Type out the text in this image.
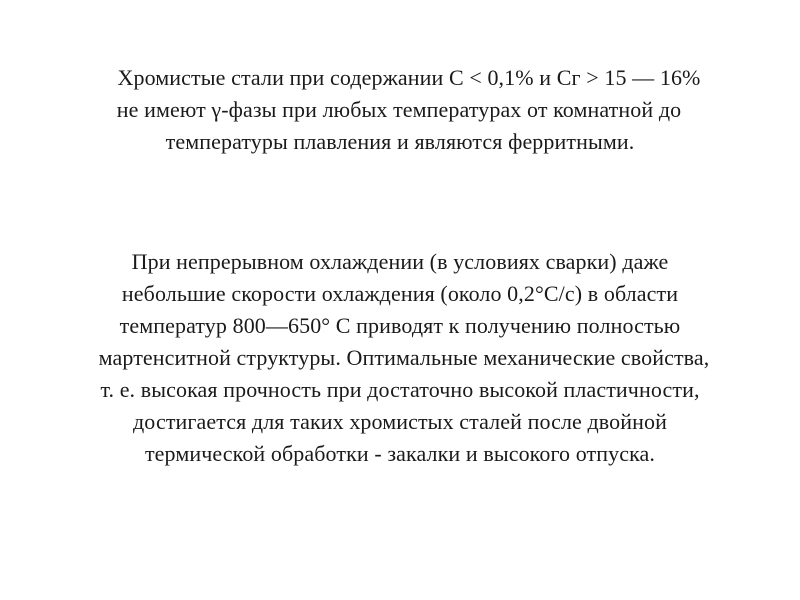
Хромистые стали при содержании С < 0,1% и Сг > 15 — 16%
не имеют γ-фазы при любых температурах от комнатной до
температуры плавления и являются ферритными.
При непрерывном охлаждении (в условиях сварки) даже
небольшие скорости охлаждения (около 0,2°С/с) в области
температур 800—650° С приводят к получению полностью
мартенситной структуры. Оптимальные механические свойства,
т. е. высокая прочность при достаточно высокой пластичности,
достигается для таких хромистых сталей после двойной
термической обработки - закалки и высокого отпуска.
